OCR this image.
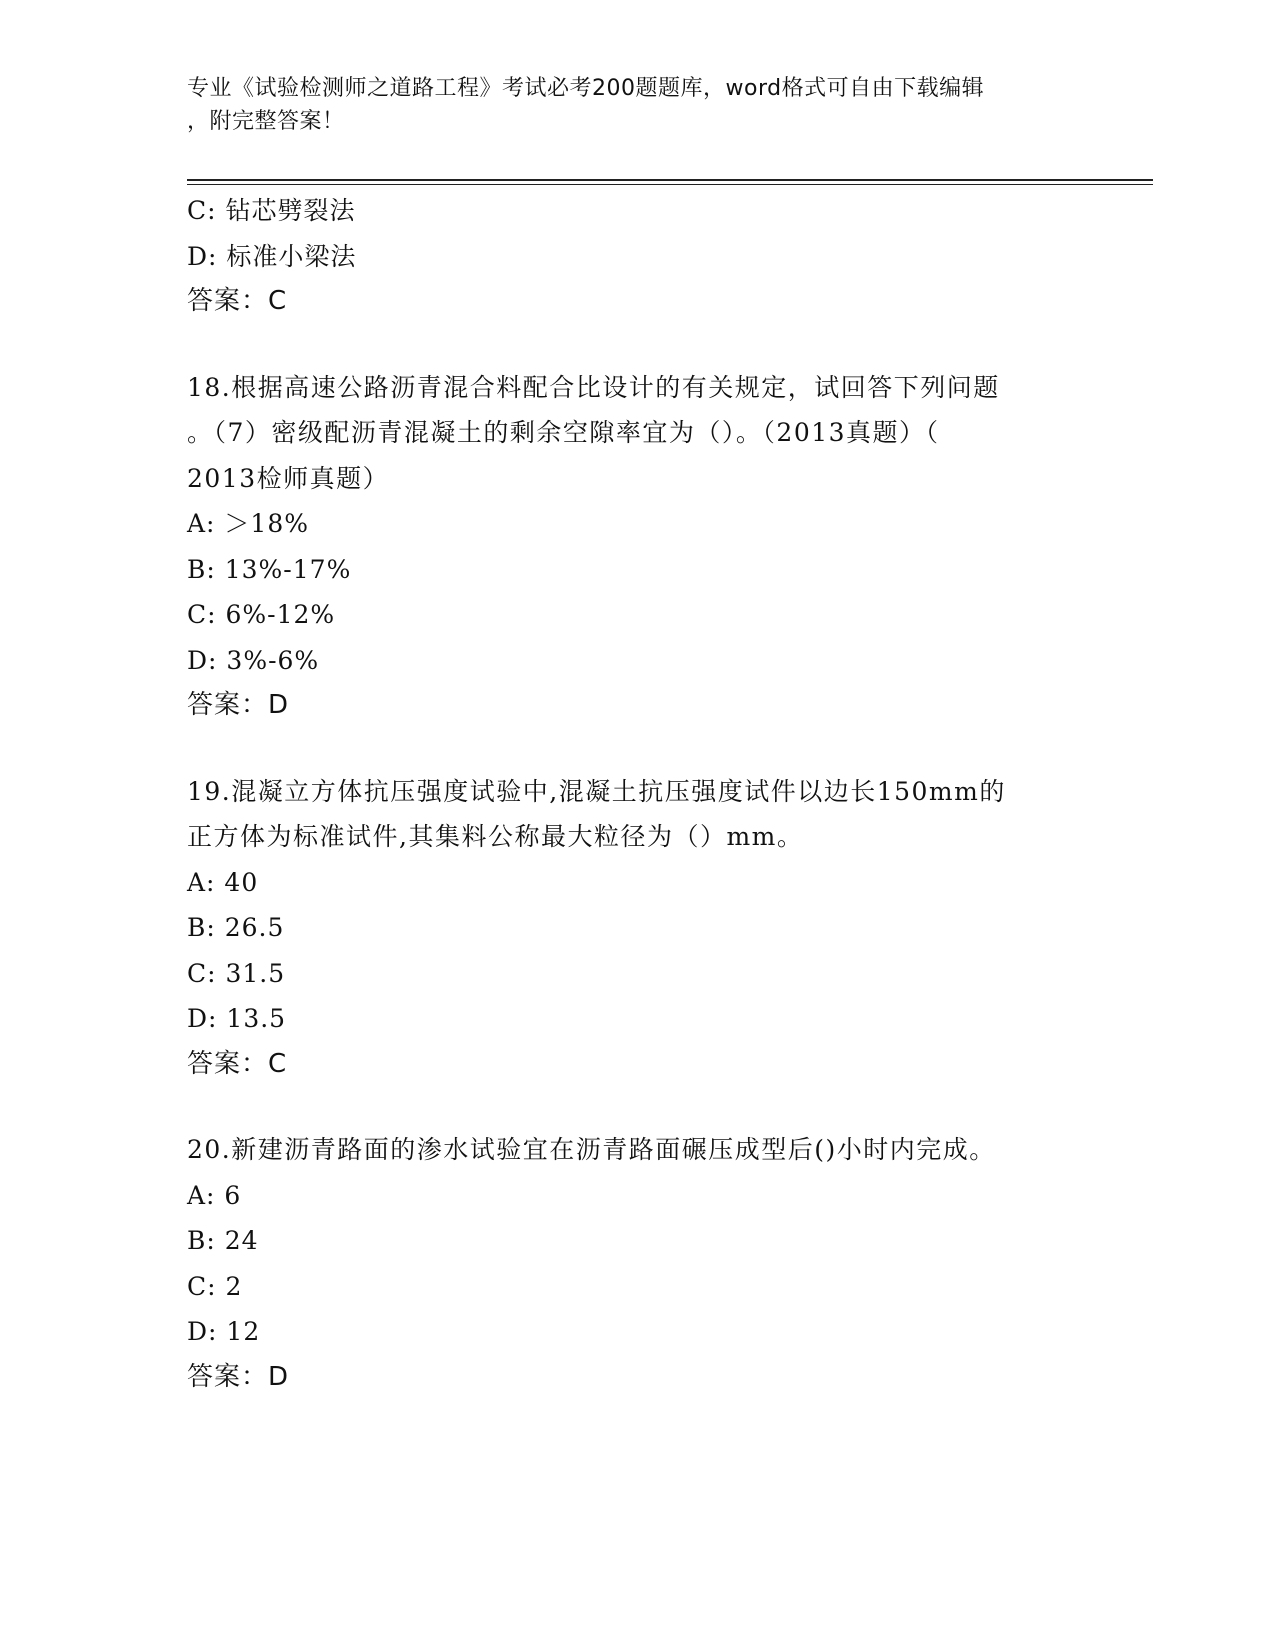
专业《试验检测师之道路工程》考试必考200题题库，word格式可自由下载编辑
，附完整答案！
C: 钻芯劈裂法
D: 标准小梁法
答案：C
18.根据高速公路沥青混合料配合比设计的有关规定，试回答下列问题
。（7）密级配沥青混凝土的剩余空隙率宜为（）。（2013真题）（
2013检师真题）
A: ＞18%
B: 13%-17%
C: 6%-12%
D: 3%-6%
答案：D
19.混凝立方体抗压强度试验中,混凝土抗压强度试件以边长150mm的
正方体为标准试件,其集料公称最大粒径为（）mm。
A: 40
B: 26.5
C: 31.5
D: 13.5
答案：C
20.新建沥青路面的渗水试验宜在沥青路面碾压成型后()小时内完成。
A: 6
B: 24
C: 2
D: 12
答案：D
